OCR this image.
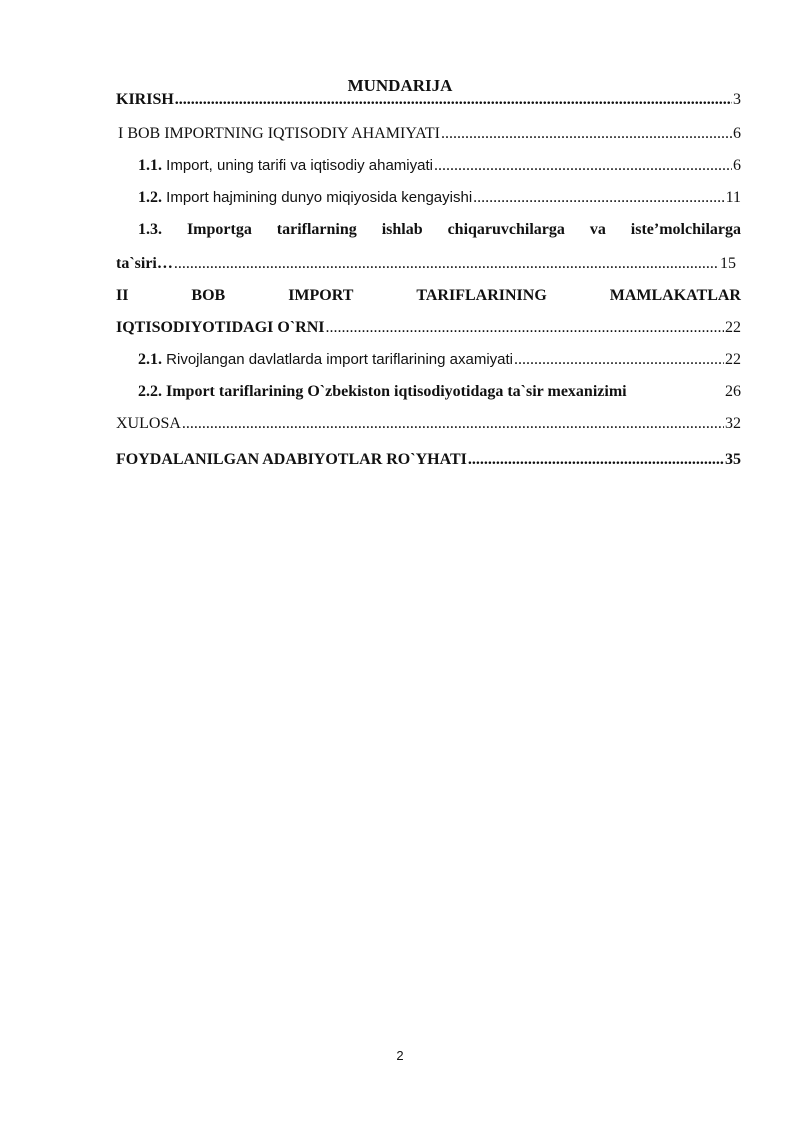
MUNDARIJA
KIRISH .....	3
I BOB IMPORTNING IQTISODIY AHAMIYATI .....	6
1.1. Import, uning tarifi va iqtisodiy ahamiyati .....	6
1.2. Import hajmining dunyo miqiyosida kengayishi .....	11
1.3. Importga tariflarning ishlab chiqaruvchilarga va iste’molchilarga
ta`siri… .....	15
II	BOB	IMPORT	TARIFLARINING	MAMLAKATLAR
IQTISODIYOTIDAGI O`RNI .....	22
2.1. Rivojlangan davlatlarda import tariflarining axamiyati .....	22
2.2. Import tariflarining O`zbekiston iqtisodiyotidaga ta`sir mexanizimi	26
XULOSA .....	32
FOYDALANILGAN ADABIYOTLAR RO`YHATI .....	35
2
